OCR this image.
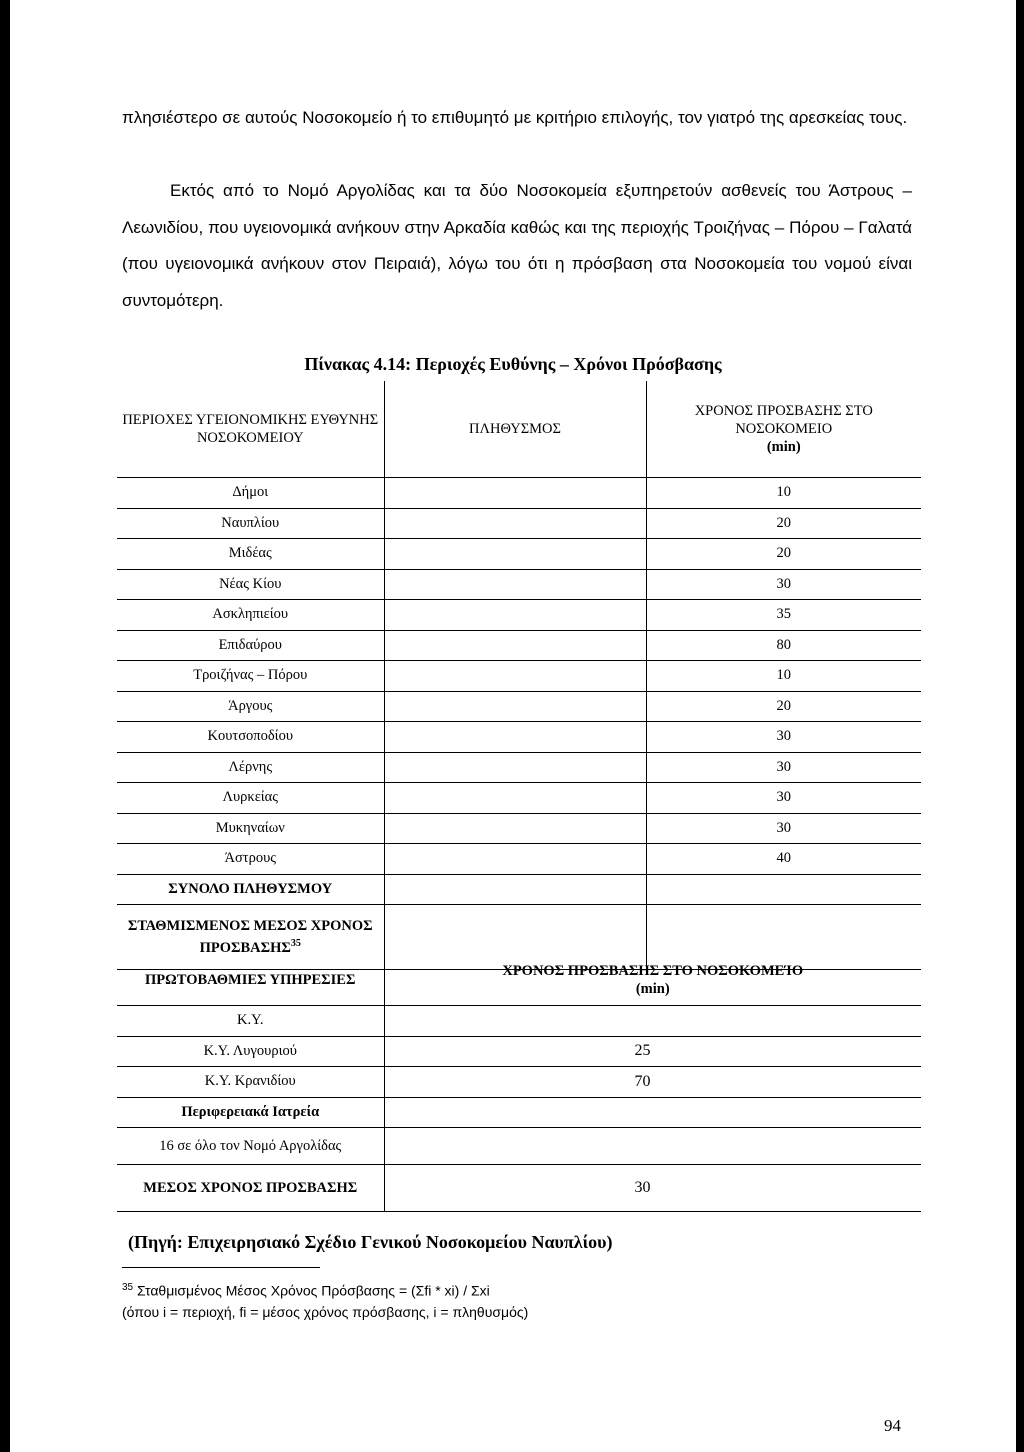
πλησιέστερο σε αυτούς Νοσοκομείο ή το επιθυμητό με κριτήριο επιλογής, τον γιατρό της αρεσκείας τους.
Εκτός από το Νομό Αργολίδας και τα δύο Νοσοκομεία εξυπηρετούν ασθενείς του Άστρους – Λεωνιδίου, που υγειονομικά ανήκουν στην Αρκαδία καθώς και της περιοχής Τροιζήνας – Πόρου – Γαλατά (που υγειονομικά ανήκουν στον Πειραιά), λόγω του ότι η πρόσβαση στα Νοσοκομεία του νομού είναι συντομότερη.
Πίνακας 4.14: Περιοχές Ευθύνης – Χρόνοι Πρόσβασης
ΠΕΡΙΟΧΕΣ ΥΓΕΙΟΝΟΜΙΚΗΣ ΕΥΘΥΝΗΣ ΝΟΣΟΚΟΜΕΙΟΥ	ΠΛΗΘΥΣΜΟΣ	ΧΡΟΝΟΣ ΠΡΟΣΒΑΣΗΣ ΣΤΟ ΝΟΣΟΚΟΜΕΙΟ
(min)

Δήμοι		10
Ναυπλίου		20
Μιδέας		20
Νέας Κίου		30
Ασκληπιείου		35
Επιδαύρου		80
Τροιζήνας – Πόρου		10
Άργους		20
Κουτσοποδίου		30
Λέρνης		30
Λυρκείας		30
Μυκηναίων		30
Άστρους		40
ΣΥΝΟΛΟ ΠΛΗΘΥΣΜΟΥ		
ΣΤΑΘΜΙΣΜΕΝΟΣ ΜΕΣΟΣ ΧΡΟΝΟΣ ΠΡΟΣΒΑΣΗΣ$^{35}$		
ΠΡΩΤΟΒΑΘΜΙΕΣ ΥΠΗΡΕΣΙΕΣ	ΧΡΟΝΟΣ ΠΡΟΣΒΑΣΗΣ ΣΤΟ ΝΟΣΟΚΟΜΕΊΟ
(min)

Κ.Υ.	
Κ.Υ. Λυγουριού	25
Κ.Υ. Κρανιδίου	70
Περιφερειακά Ιατρεία	
16 σε όλο τον Νομό Αργολίδας	
ΜΕΣΟΣ ΧΡΟΝΟΣ ΠΡΟΣΒΑΣΗΣ	30
(Πηγή: Επιχειρησιακό Σχέδιο Γενικού Νοσοκομείου Ναυπλίου)
$^{35}$ Σταθμισμένος Μέσος Χρόνος Πρόσβασης = (Σfi * xi) / Σxi
(όπου i = περιοχή, fi = μέσος χρόνος πρόσβασης, i = πληθυσμός)
94
